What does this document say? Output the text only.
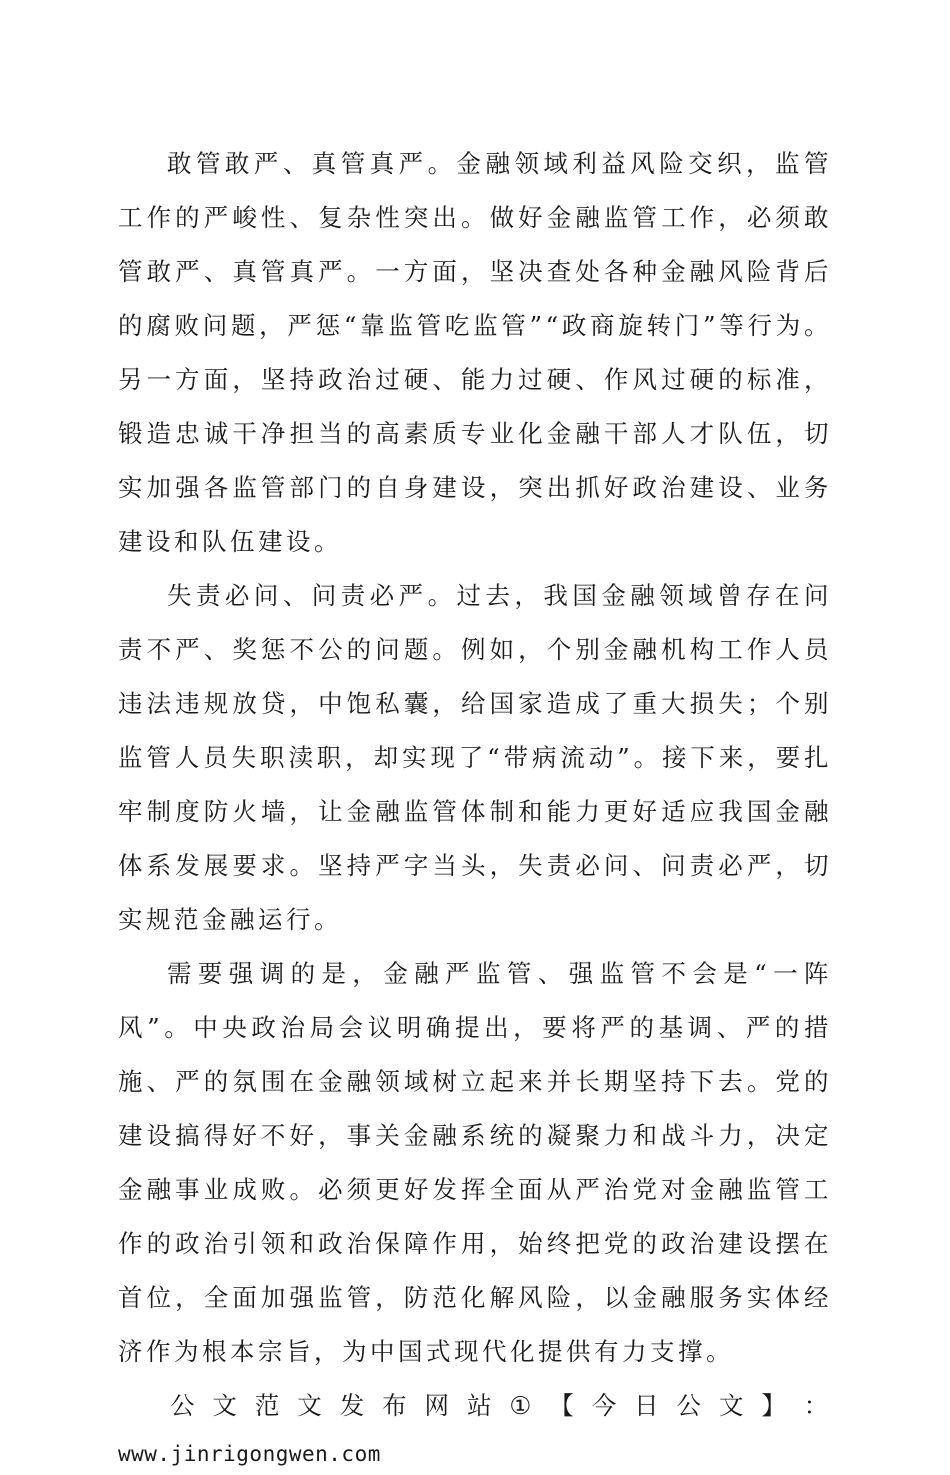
敢管敢严、真管真严。金融领域利益风险交织，监管工作的严峻性、复杂性突出。做好金融监管工作，必须敢管敢严、真管真严。一方面，坚决查处各种金融风险背后的腐败问题，严惩“靠监管吃监管”“政商旋转门”等行为。另一方面，坚持政治过硬、能力过硬、作风过硬的标准，锻造忠诚干净担当的高素质专业化金融干部人才队伍，切实加强各监管部门的自身建设，突出抓好政治建设、业务建设和队伍建设。

失责必问、问责必严。过去，我国金融领域曾存在问责不严、奖惩不公的问题。例如，个别金融机构工作人员违法违规放贷，中饱私囊，给国家造成了重大损失；个别监管人员失职渎职，却实现了“带病流动”。接下来，要扎牢制度防火墙，让金融监管体制和能力更好适应我国金融体系发展要求。坚持严字当头，失责必问、问责必严，切实规范金融运行。

需要强调的是，金融严监管、强监管不会是“一阵风”。中央政治局会议明确提出，要将严的基调、严的措施、严的氛围在金融领域树立起来并长期坚持下去。党的建设搞得好不好，事关金融系统的凝聚力和战斗力，决定金融事业成败。必须更好发挥全面从严治党对金融监管工作的政治引领和政治保障作用，始终把党的政治建设摆在首位，全面加强监管，防范化解风险，以金融服务实体经济作为根本宗旨，为中国式现代化提供有力支撑。

公 文 范 文 发 布 网 站 ① 【 今 日 公 文 】 ：

www.jinrigongwen.com
